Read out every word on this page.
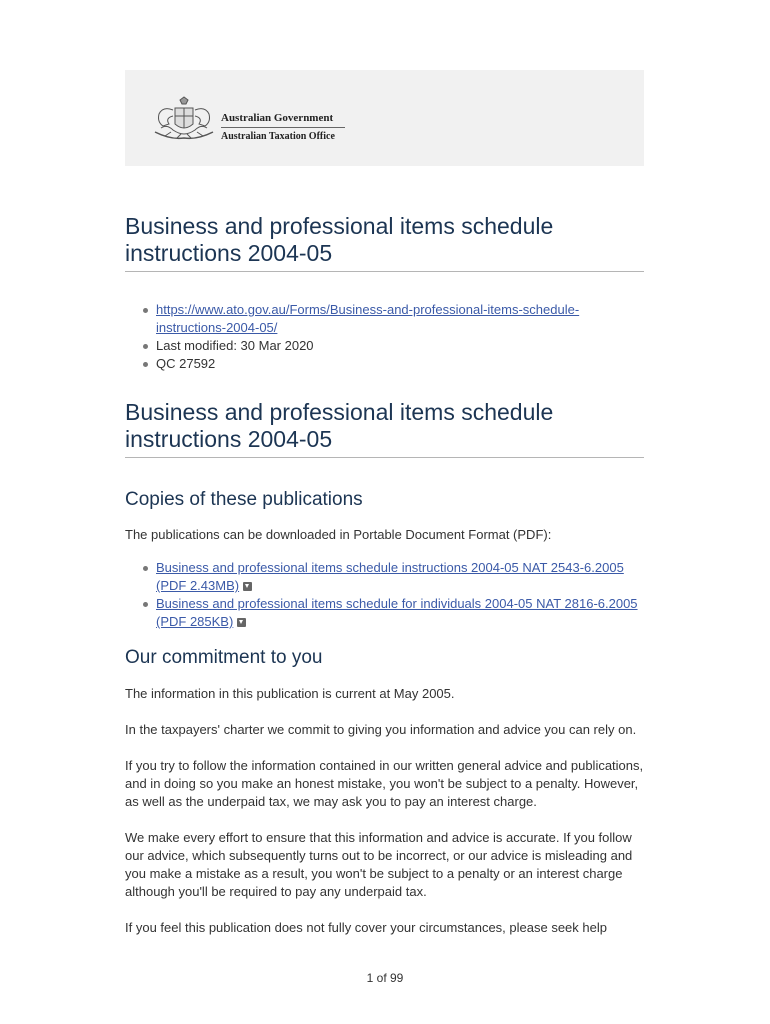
Australian Government
Australian Taxation Office
Business and professional items schedule instructions 2004-05
https://www.ato.gov.au/Forms/Business-and-professional-items-schedule-instructions-2004-05/
Last modified: 30 Mar 2020
QC 27592
Business and professional items schedule instructions 2004-05
Copies of these publications

The publications can be downloaded in Portable Document Format (PDF):

Business and professional items schedule instructions 2004-05 NAT 2543-6.2005 (PDF 2.43MB)
Business and professional items schedule for individuals 2004-05 NAT 2816-6.2005 (PDF 285KB)
Our commitment to you

The information in this publication is current at May 2005.

In the taxpayers' charter we commit to giving you information and advice you can rely on.

If you try to follow the information contained in our written general advice and publications, and in doing so you make an honest mistake, you won't be subject to a penalty. However, as well as the underpaid tax, we may ask you to pay an interest charge.

We make every effort to ensure that this information and advice is accurate. If you follow our advice, which subsequently turns out to be incorrect, or our advice is misleading and you make a mistake as a result, you won't be subject to a penalty or an interest charge although you'll be required to pay any underpaid tax.

If you feel this publication does not fully cover your circumstances, please seek help

1 of 99
